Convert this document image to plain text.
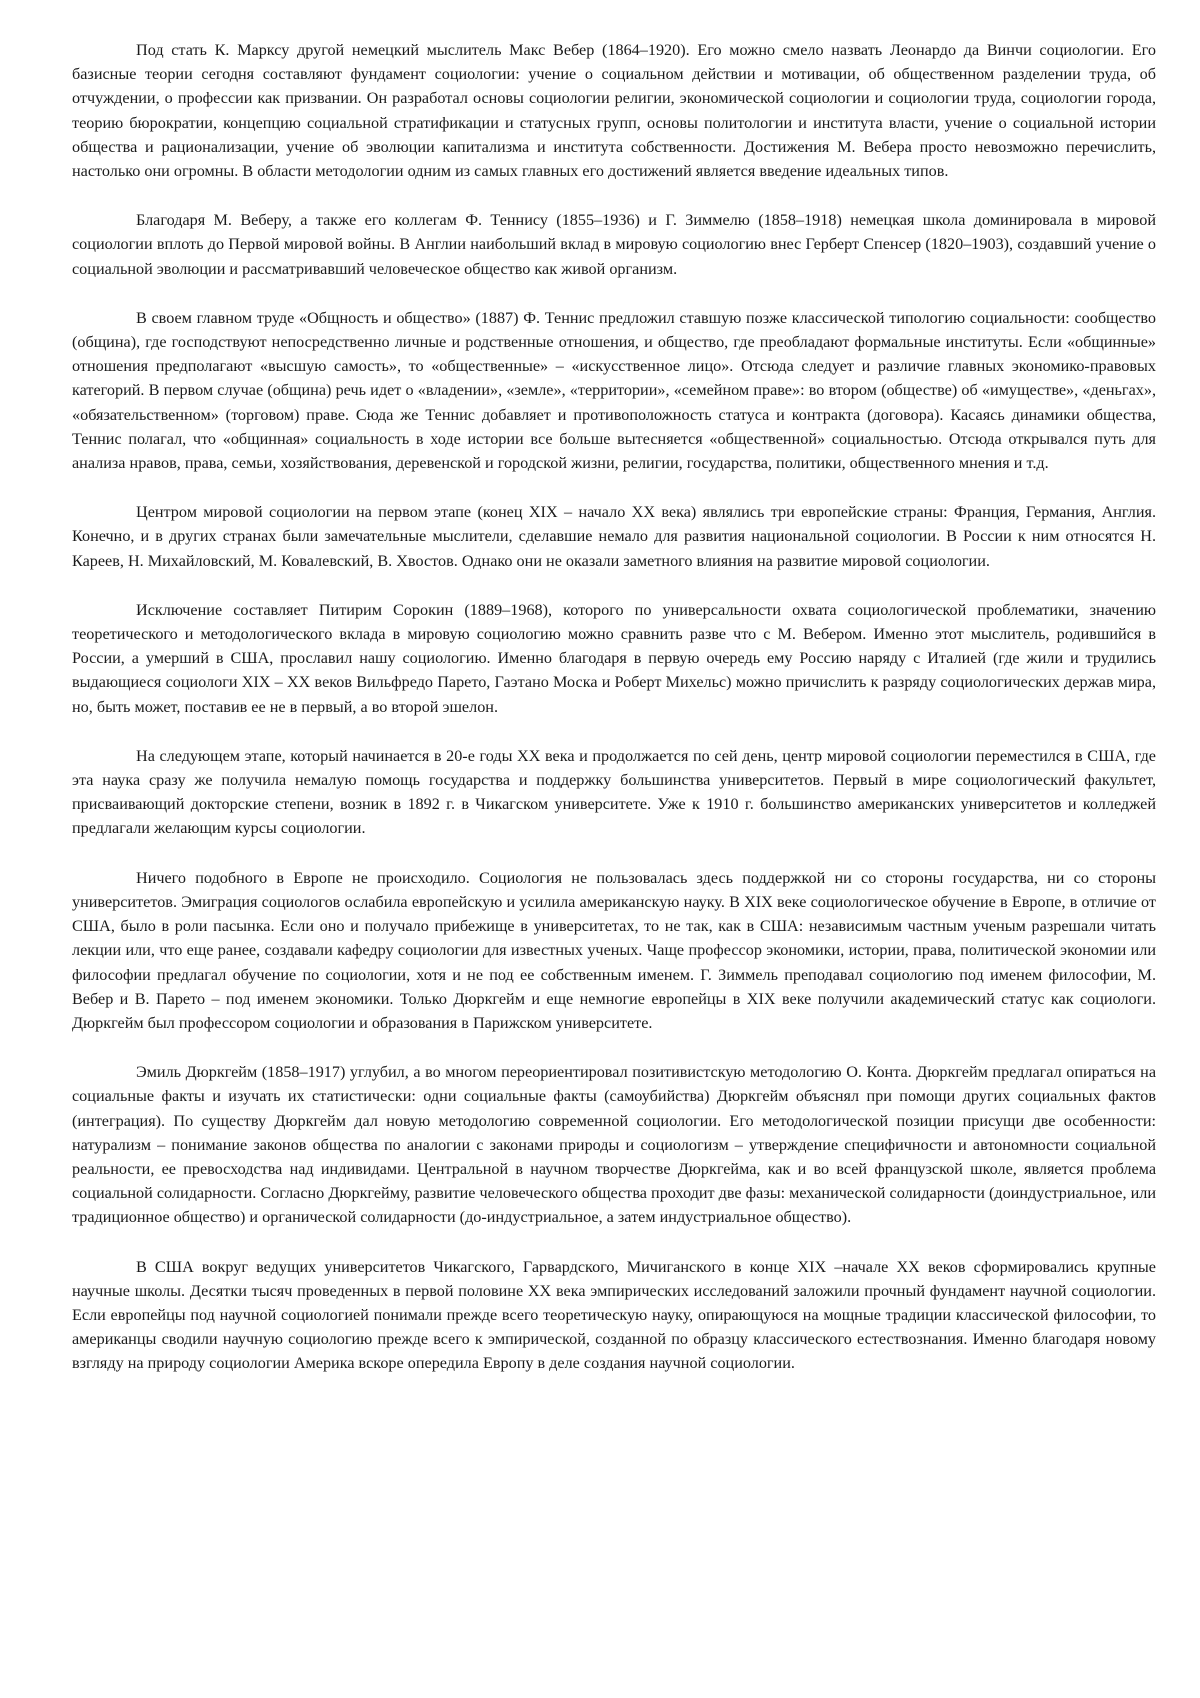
Под стать К. Марксу другой немецкий мыслитель Макс Вебер (1864–1920). Его можно смело назвать Леонардо да Винчи социологии. Его базисные теории сегодня составляют фундамент социологии: учение о социальном действии и мотивации, об общественном разделении труда, об отчуждении, о профессии как призвании. Он разработал основы социологии религии, экономической социологии и социологии труда, социологии города, теорию бюрократии, концепцию социальной стратификации и статусных групп, основы политологии и института власти, учение о социальной истории общества и рационализации, учение об эволюции капитализма и института собственности. Достижения М. Вебера просто невозможно перечислить, настолько они огромны. В области методологии одним из самых главных его достижений является введение идеальных типов.

Благодаря М. Веберу, а также его коллегам Ф. Теннису (1855–1936) и Г. Зиммелю (1858–1918) немецкая школа доминировала в мировой социологии вплоть до Первой мировой войны. В Англии наибольший вклад в мировую социологию внес Герберт Спенсер (1820–1903), создавший учение о социальной эволюции и рассматривавший человеческое общество как живой организм.

В своем главном труде «Общность и общество» (1887) Ф. Теннис предложил ставшую позже классической типологию социальности: сообщество (община), где господствуют непосредственно личные и родственные отношения, и общество, где преобладают формальные институты. Если «общинные» отношения предполагают «высшую самость», то «общественные» – «искусственное лицо». Отсюда следует и различие главных экономико-правовых категорий. В первом случае (община) речь идет о «владении», «земле», «территории», «семейном праве»: во втором (обществе) об «имуществе», «деньгах», «обязательственном» (торговом) праве. Сюда же Теннис добавляет и противоположность статуса и контракта (договора). Касаясь динамики общества, Теннис полагал, что «общинная» социальность в ходе истории все больше вытесняется «общественной» социальностью. Отсюда открывался путь для анализа нравов, права, семьи, хозяйствования, деревенской и городской жизни, религии, государства, политики, общественного мнения и т.д.

Центром мировой социологии на первом этапе (конец XIX – начало XX века) являлись три европейские страны: Франция, Германия, Англия. Конечно, и в других странах были замечательные мыслители, сделавшие немало для развития национальной социологии. В России к ним относятся Н. Кареев, Н. Михайловский, М. Ковалевский, В. Хвостов. Однако они не оказали заметного влияния на развитие мировой социологии.

Исключение составляет Питирим Сорокин (1889–1968), которого по универсальности охвата социологической проблематики, значению теоретического и методологического вклада в мировую социологию можно сравнить разве что с М. Вебером. Именно этот мыслитель, родившийся в России, а умерший в США, прославил нашу социологию. Именно благодаря в первую очередь ему Россию наряду с Италией (где жили и трудились выдающиеся социологи XIX – XX веков Вильфредо Парето, Гаэтано Моска и Роберт Михельс) можно причислить к разряду социологических держав мира, но, быть может, поставив ее не в первый, а во второй эшелон.

На следующем этапе, который начинается в 20-е годы XX века и продолжается по сей день, центр мировой социологии переместился в США, где эта наука сразу же получила немалую помощь государства и поддержку большинства университетов. Первый в мире социологический факультет, присваивающий докторские степени, возник в 1892 г. в Чикагском университете. Уже к 1910 г. большинство американских университетов и колледжей предлагали желающим курсы социологии.

Ничего подобного в Европе не происходило. Социология не пользовалась здесь поддержкой ни со стороны государства, ни со стороны университетов. Эмиграция социологов ослабила европейскую и усилила американскую науку. В XIX веке социологическое обучение в Европе, в отличие от США, было в роли пасынка. Если оно и получало прибежище в университетах, то не так, как в США: независимым частным ученым разрешали читать лекции или, что еще ранее, создавали кафедру социологии для известных ученых. Чаще профессор экономики, истории, права, политической экономии или философии предлагал обучение по социологии, хотя и не под ее собственным именем. Г. Зиммель преподавал социологию под именем философии, М. Вебер и В. Парето – под именем экономики. Только Дюркгейм и еще немногие европейцы в XIX веке получили академический статус как социологи. Дюркгейм был профессором социологии и образования в Парижском университете.

Эмиль Дюркгейм (1858–1917) углубил, а во многом переориентировал позитивистскую методологию О. Конта. Дюркгейм предлагал опираться на социальные факты и изучать их статистически: одни социальные факты (самоубийства) Дюркгейм объяснял при помощи других социальных фактов (интеграция). По существу Дюркгейм дал новую методологию современной социологии. Его методологической позиции присущи две особенности: натурализм – понимание законов общества по аналогии с законами природы и социологизм – утверждение специфичности и автономности социальной реальности, ее превосходства над индивидами. Центральной в научном творчестве Дюркгейма, как и во всей французской школе, является проблема социальной солидарности. Согласно Дюркгейму, развитие человеческого общества проходит две фазы: механической солидарности (доиндустриальное, или традиционное общество) и органической солидарности (до-индустриальное, а затем индустриальное общество).

В США вокруг ведущих университетов Чикагского, Гарвардского, Мичиганского в конце XIX –начале XX веков сформировались крупные научные школы. Десятки тысяч проведенных в первой половине XX века эмпирических исследований заложили прочный фундамент научной социологии. Если европейцы под научной социологией понимали прежде всего теоретическую науку, опирающуюся на мощные традиции классической философии, то американцы сводили научную социологию прежде всего к эмпирической, созданной по образцу классического естествознания. Именно благодаря новому взгляду на природу социологии Америка вскоре опередила Европу в деле создания научной социологии.
